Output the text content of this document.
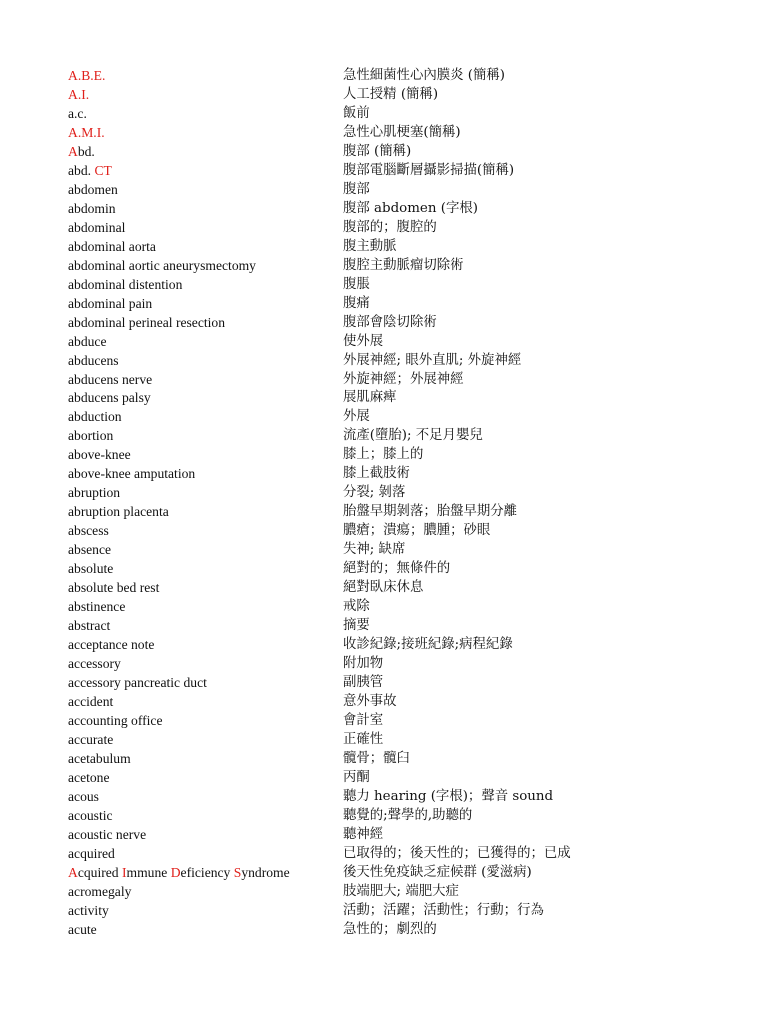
A.B.E.	急性細菌性心內膜炎 (簡稱)
A.I.	人工授精 (簡稱)
a.c.	飯前
A.M.I.	急性心肌梗塞(簡稱)
Abd.	腹部 (簡稱)
abd. CT	腹部電腦斷層攝影掃描(簡稱)
abdomen	腹部
abdomin	腹部 abdomen (字根)
abdominal	腹部的；腹腔的
abdominal aorta	腹主動脈
abdominal aortic aneurysmectomy	腹腔主動脈瘤切除術
abdominal distention	腹脹
abdominal pain	腹痛
abdominal perineal resection	腹部會陰切除術
abduce	使外展
abducens	外展神經; 眼外直肌; 外旋神經
abducens nerve	外旋神經；外展神經
abducens palsy	展肌麻痺
abduction	外展
abortion	流產(墮胎); 不足月嬰兒
above-knee	膝上；膝上的
above-knee amputation	膝上截肢術
abruption	分裂; 剝落
abruption placenta	胎盤早期剝落；胎盤早期分離
abscess	膿瘡；潰瘍；膿腫；砂眼
absence	失神; 缺席
absolute	絕對的；無條件的
absolute bed rest	絕對臥床休息
abstinence	戒除
abstract	摘要
acceptance note	收診紀錄;接班紀錄;病程紀錄
accessory	附加物
accessory pancreatic duct	副胰管
accident	意外事故
accounting office	會計室
accurate	正確性
acetabulum	髖骨；髖臼
acetone	丙酮
acous	聽力 hearing (字根)；聲音 sound
acoustic	聽覺的;聲學的,助聽的
acoustic nerve	聽神經
acquired	已取得的；後天性的；已獲得的；已成
Acquired Immune Deficiency Syndrome	後天性免疫缺乏症候群 (愛滋病)
acromegaly	肢端肥大; 端肥大症
activity	活動；活躍；活動性；行動；行為
acute	急性的；劇烈的
